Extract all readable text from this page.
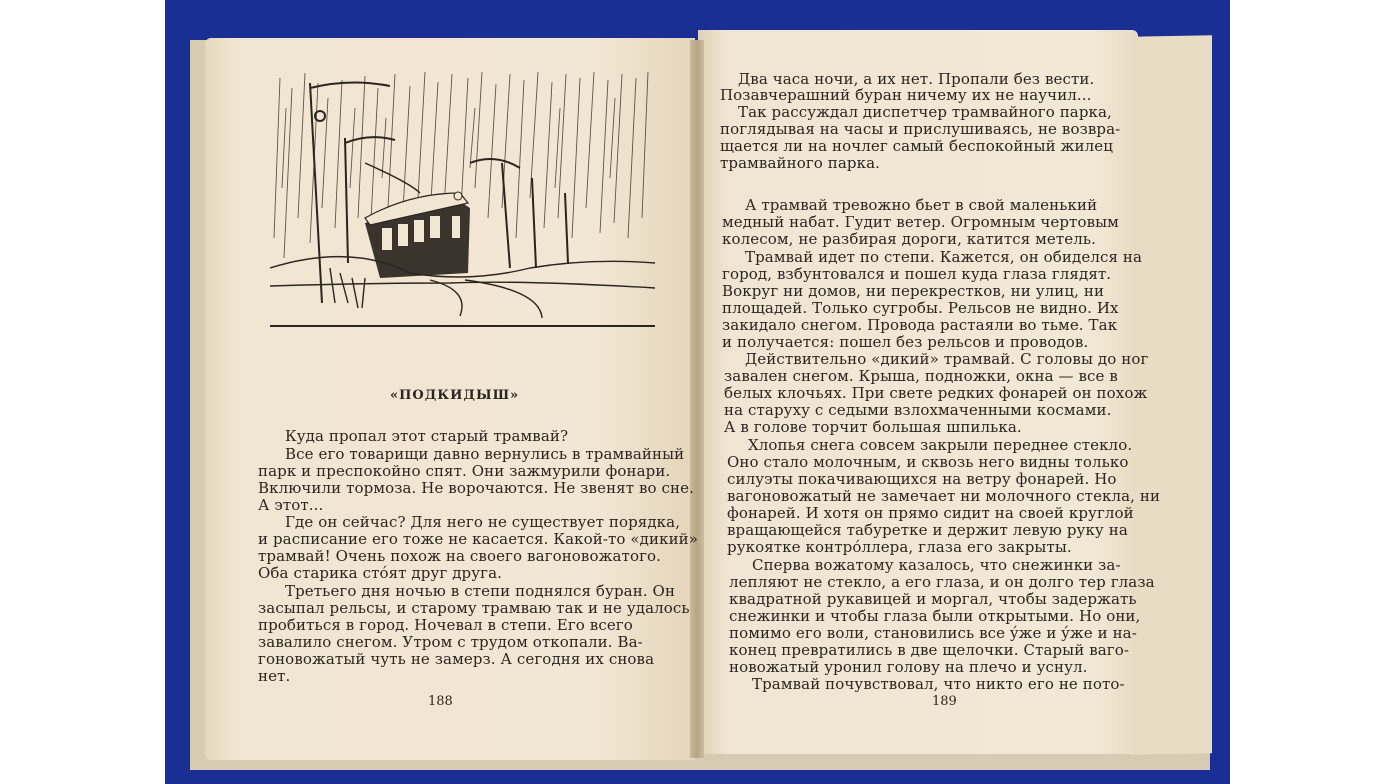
«ПОДКИДЫШ»
Куда пропал этот старый трамвай?
Все его товарищи давно вернулись в трамвайный
парк и преспокойно спят. Они зажмурили фонари.
Включили тормоза. Не ворочаются. Не звенят во сне.
А этот...
Где он сейчас? Для него не существует порядка,
и расписание его тоже не касается. Какой-то «дикий»
трамвай! Очень похож на своего вагоновожатого.
Оба старика стóят друг друга.
Третьего дня ночью в степи поднялся буран. Он
засыпал рельсы, и старому трамваю так и не удалось
пробиться в город. Ночевал в степи. Его всего
завалило снегом. Утром с трудом откопали. Ва-
гоновожатый чуть не замерз. А сегодня их снова
нет.
188
Два часа ночи, а их нет. Пропали без вести.
Позавчерашний буран ничему их не научил...
Так рассуждал диспетчер трамвайного парка,
поглядывая на часы и прислушиваясь, не возвра-
щается ли на ночлег самый беспокойный жилец
трамвайного парка.
А трамвай тревожно бьет в свой маленький
медный набат. Гудит ветер. Огромным чертовым
колесом, не разбирая дороги, катится метель.
Трамвай идет по степи. Кажется, он обиделся на
город, взбунтовался и пошел куда глаза глядят.
Вокруг ни домов, ни перекрестков, ни улиц, ни
площадей. Только сугробы. Рельсов не видно. Их
закидало снегом. Провода растаяли во тьме. Так
и получается: пошел без рельсов и проводов.
Действительно «дикий» трамвай. С головы до ног
завален снегом. Крыша, подножки, окна — все в
белых клочьях. При свете редких фонарей он похож
на старуху с седыми взлохмаченными космами.
А в голове торчит большая шпилька.
Хлопья снега совсем закрыли переднее стекло.
Оно стало молочным, и сквозь него видны только
силуэты покачивающихся на ветру фонарей. Но
вагоновожатый не замечает ни молочного стекла, ни
фонарей. И хотя он прямо сидит на своей круглой
вращающейся табуретке и держит левую руку на
рукоятке контрóллера, глаза его закрыты.
Сперва вожатому казалось, что снежинки за-
лепляют не стекло, а его глаза, и он долго тер глаза
квадратной рукавицей и моргал, чтобы задержать
снежинки и чтобы глаза были открытыми. Но они,
помимо его воли, становились все ýже и ýже и на-
конец превратились в две щелочки. Старый ваго-
новожатый уронил голову на плечо и уснул.
Трамвай почувствовал, что никто его не пото-
189
